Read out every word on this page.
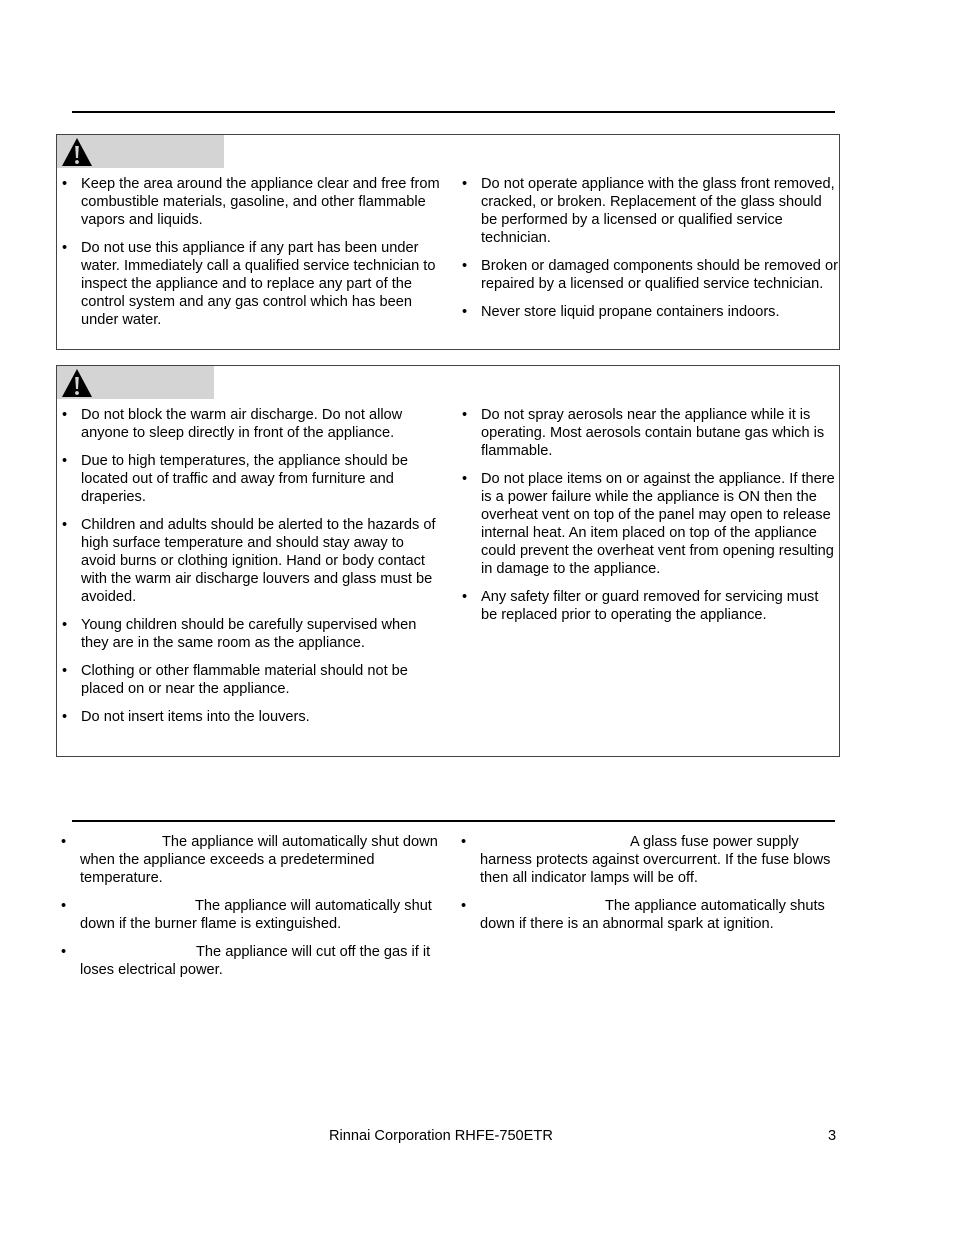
• Keep the area around the appliance clear and free from combustible materials, gasoline, and other flammable vapors and liquids.
• Do not use this appliance if any part has been under water. Immediately call a qualified service technician to inspect the appliance and to replace any part of the control system and any gas control which has been under water.
• Do not operate appliance with the glass front removed, cracked, or broken. Replacement of the glass should be performed by a licensed or qualified service technician.
• Broken or damaged components should be removed or repaired by a licensed or qualified service technician.
• Never store liquid propane containers indoors.
• Do not block the warm air discharge. Do not allow anyone to sleep directly in front of the appliance.
• Due to high temperatures, the appliance should be located out of traffic and away from furniture and draperies.
• Children and adults should be alerted to the hazards of high surface temperature and should stay away to avoid burns or clothing ignition. Hand or body contact with the warm air discharge louvers and glass must be avoided.
• Young children should be carefully supervised when they are in the same room as the appliance.
• Clothing or other flammable material should not be placed on or near the appliance.
• Do not insert items into the louvers.
• Do not spray aerosols near the appliance while it is operating. Most aerosols contain butane gas which is flammable.
• Do not place items on or against the appliance. If there is a power failure while the appliance is ON then the overheat vent on top of the panel may open to release internal heat. An item placed on top of the appliance could prevent the overheat vent from opening resulting in damage to the appliance.
• Any safety filter or guard removed for servicing must be replaced prior to operating the appliance.
• The appliance will automatically shut down when the appliance exceeds a predetermined temperature.
• The appliance will automatically shut down if the burner flame is extinguished.
• The appliance will cut off the gas if it loses electrical power.
• A glass fuse power supply harness protects against overcurrent. If the fuse blows then all indicator lamps will be off.
• The appliance automatically shuts down if there is an abnormal spark at ignition.
Rinnai Corporation RHFE-750ETR	3
